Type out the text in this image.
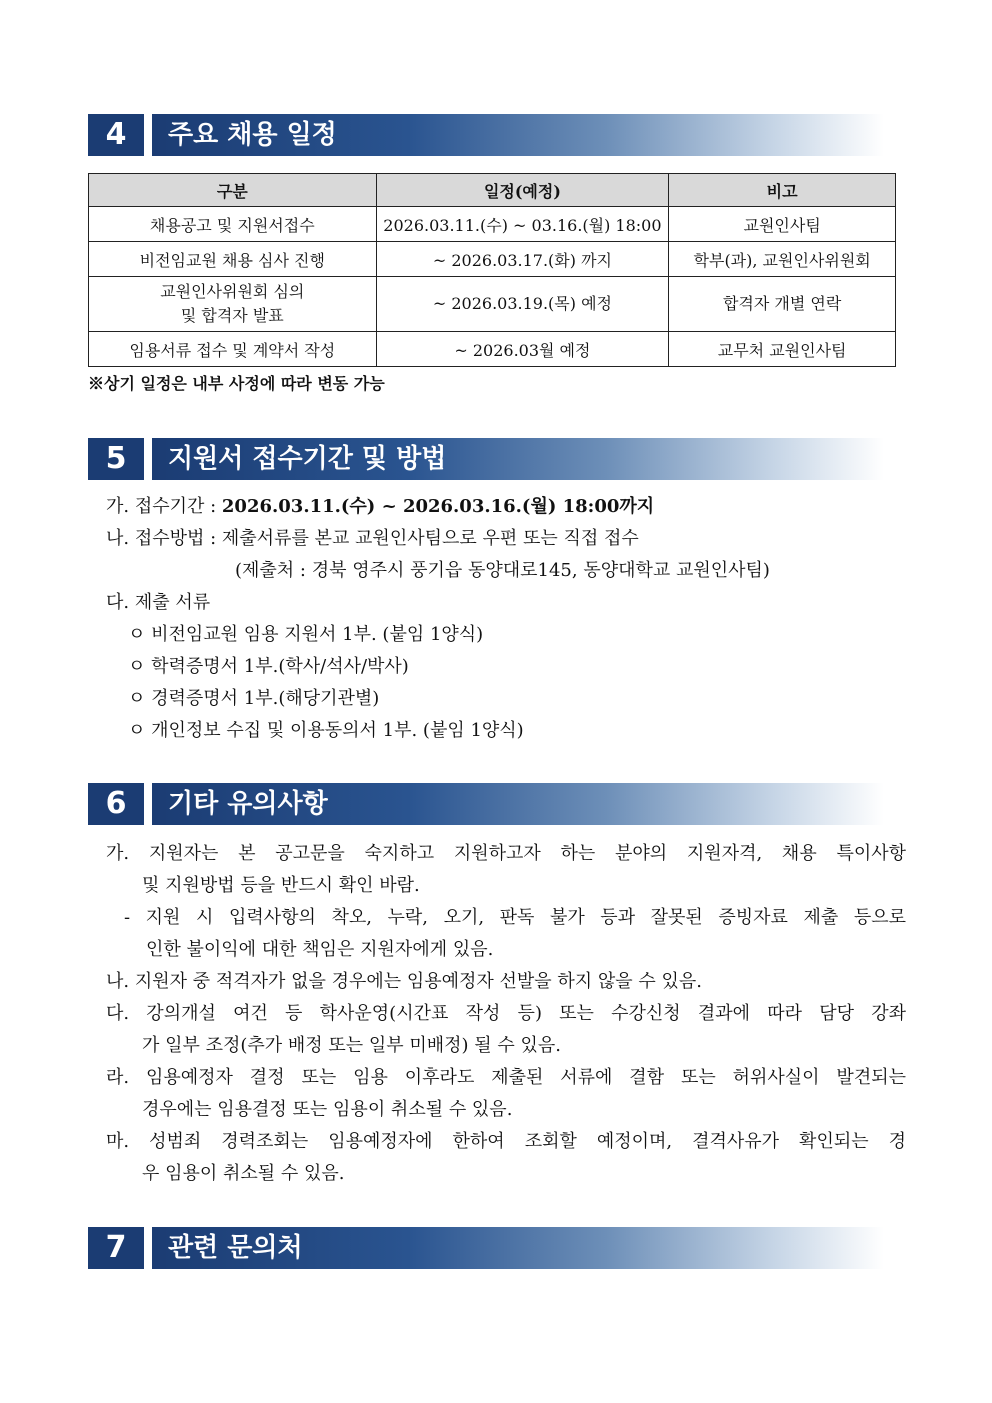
4	주요 채용 일정
구분	일정(예정)	비고
채용공고 및 지원서접수	2026.03.11.(수) ~ 03.16.(월) 18:00	교원인사팀
비전임교원 채용 심사 진행	~ 2026.03.17.(화) 까지	학부(과), 교원인사위원회

교원인사위원회 심의
및 합격자 발표	~ 2026.03.19.(목) 예정	합격자 개별 연락
임용서류 접수 및 계약서 작성	~ 2026.03월 예정	교무처 교원인사팀
※상기 일정은 내부 사정에 따라 변동 가능
5	지원서 접수기간 및 방법
가. 접수기간 : 2026.03.11.(수) ~ 2026.03.16.(월) 18:00까지
나. 접수방법 : 제출서류를 본교 교원인사팀으로 우편 또는 직접 접수
(제출처 : 경북 영주시 풍기읍 동양대로145, 동양대학교 교원인사팀)
다. 제출 서류
ㅇ 비전임교원 임용 지원서 1부. (붙임 1양식)
ㅇ 학력증명서 1부.(학사/석사/박사)
ㅇ 경력증명서 1부.(해당기관별)
ㅇ 개인정보 수집 및 이용동의서 1부. (붙임 1양식)
6	기타 유의사항
가. 지원자는 본 공고문을 숙지하고 지원하고자 하는 분야의 지원자격, 채용 특이사항
및 지원방법 등을 반드시 확인 바람.
- 지원 시 입력사항의 착오, 누락, 오기, 판독 불가 등과 잘못된 증빙자료 제출 등으로
인한 불이익에 대한 책임은 지원자에게 있음.
나. 지원자 중 적격자가 없을 경우에는 임용예정자 선발을 하지 않을 수 있음.
다. 강의개설 여건 등 학사운영(시간표 작성 등) 또는 수강신청 결과에 따라 담당 강좌
가 일부 조정(추가 배정 또는 일부 미배정) 될 수 있음.
라. 임용예정자 결정 또는 임용 이후라도 제출된 서류에 결함 또는 허위사실이 발견되는
경우에는 임용결정 또는 임용이 취소될 수 있음.
마. 성범죄 경력조회는 임용예정자에 한하여 조회할 예정이며, 결격사유가 확인되는 경
우 임용이 취소될 수 있음.
7	관련 문의처
